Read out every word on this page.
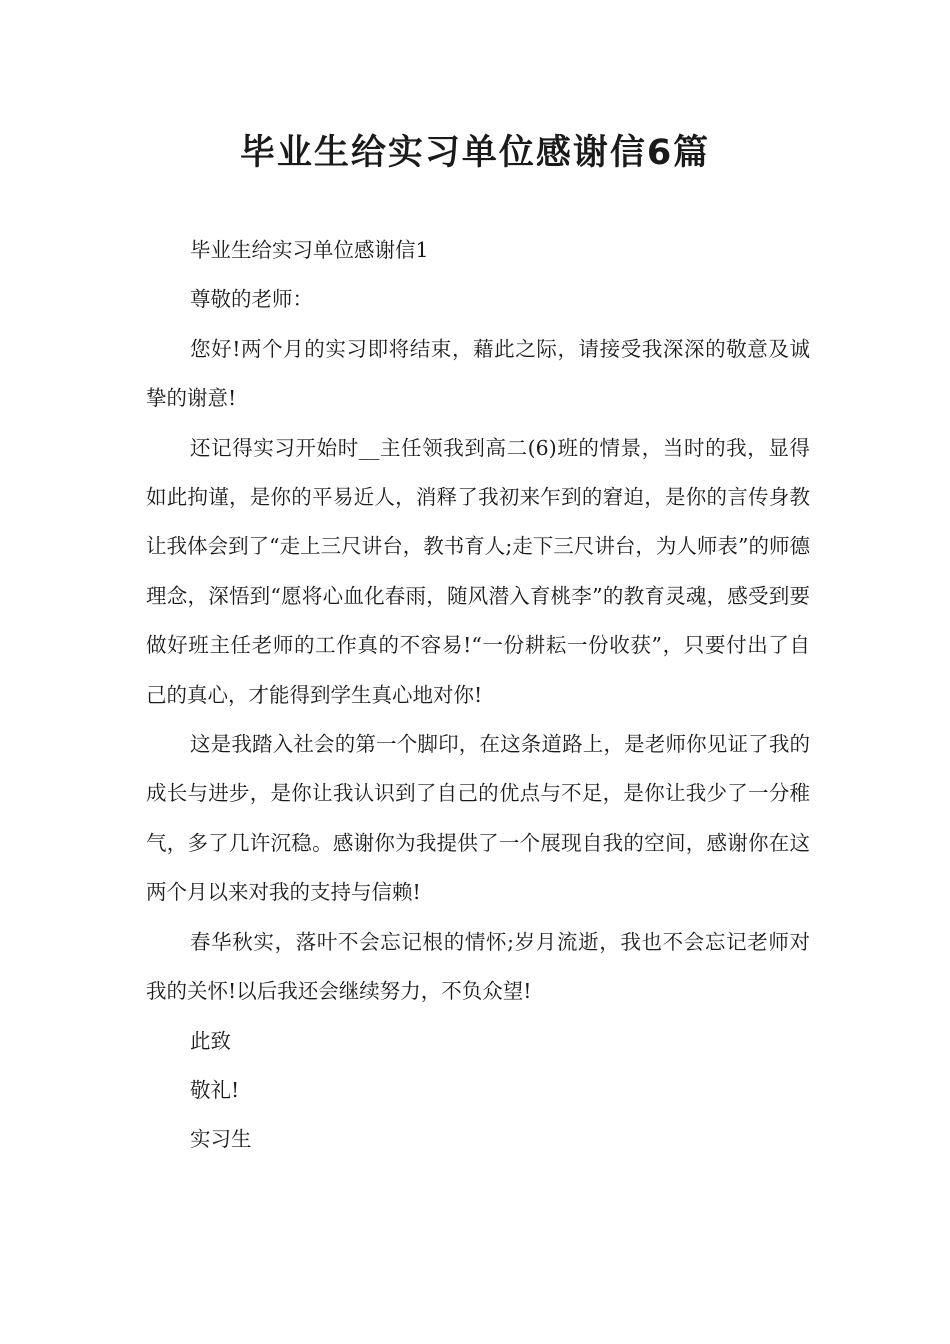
毕业生给实习单位感谢信6篇

毕业生给实习单位感谢信1

尊敬的老师：

您好!两个月的实习即将结束，藉此之际，请接受我深深的敬意及诚挚的谢意!

还记得实习开始时__主任领我到高二(6)班的情景，当时的我，显得如此拘谨，是你的平易近人，消释了我初来乍到的窘迫，是你的言传身教让我体会到了“走上三尺讲台，教书育人;走下三尺讲台，为人师表”的师德理念，深悟到“愿将心血化春雨，随风潜入育桃李”的教育灵魂，感受到要做好班主任老师的工作真的不容易!“一份耕耘一份收获”，只要付出了自己的真心，才能得到学生真心地对你!

这是我踏入社会的第一个脚印，在这条道路上，是老师你见证了我的成长与进步，是你让我认识到了自己的优点与不足，是你让我少了一分稚气，多了几许沉稳。感谢你为我提供了一个展现自我的空间，感谢你在这两个月以来对我的支持与信赖!

春华秋实，落叶不会忘记根的情怀;岁月流逝，我也不会忘记老师对我的关怀!以后我还会继续努力，不负众望!

此致

敬礼!

实习生
